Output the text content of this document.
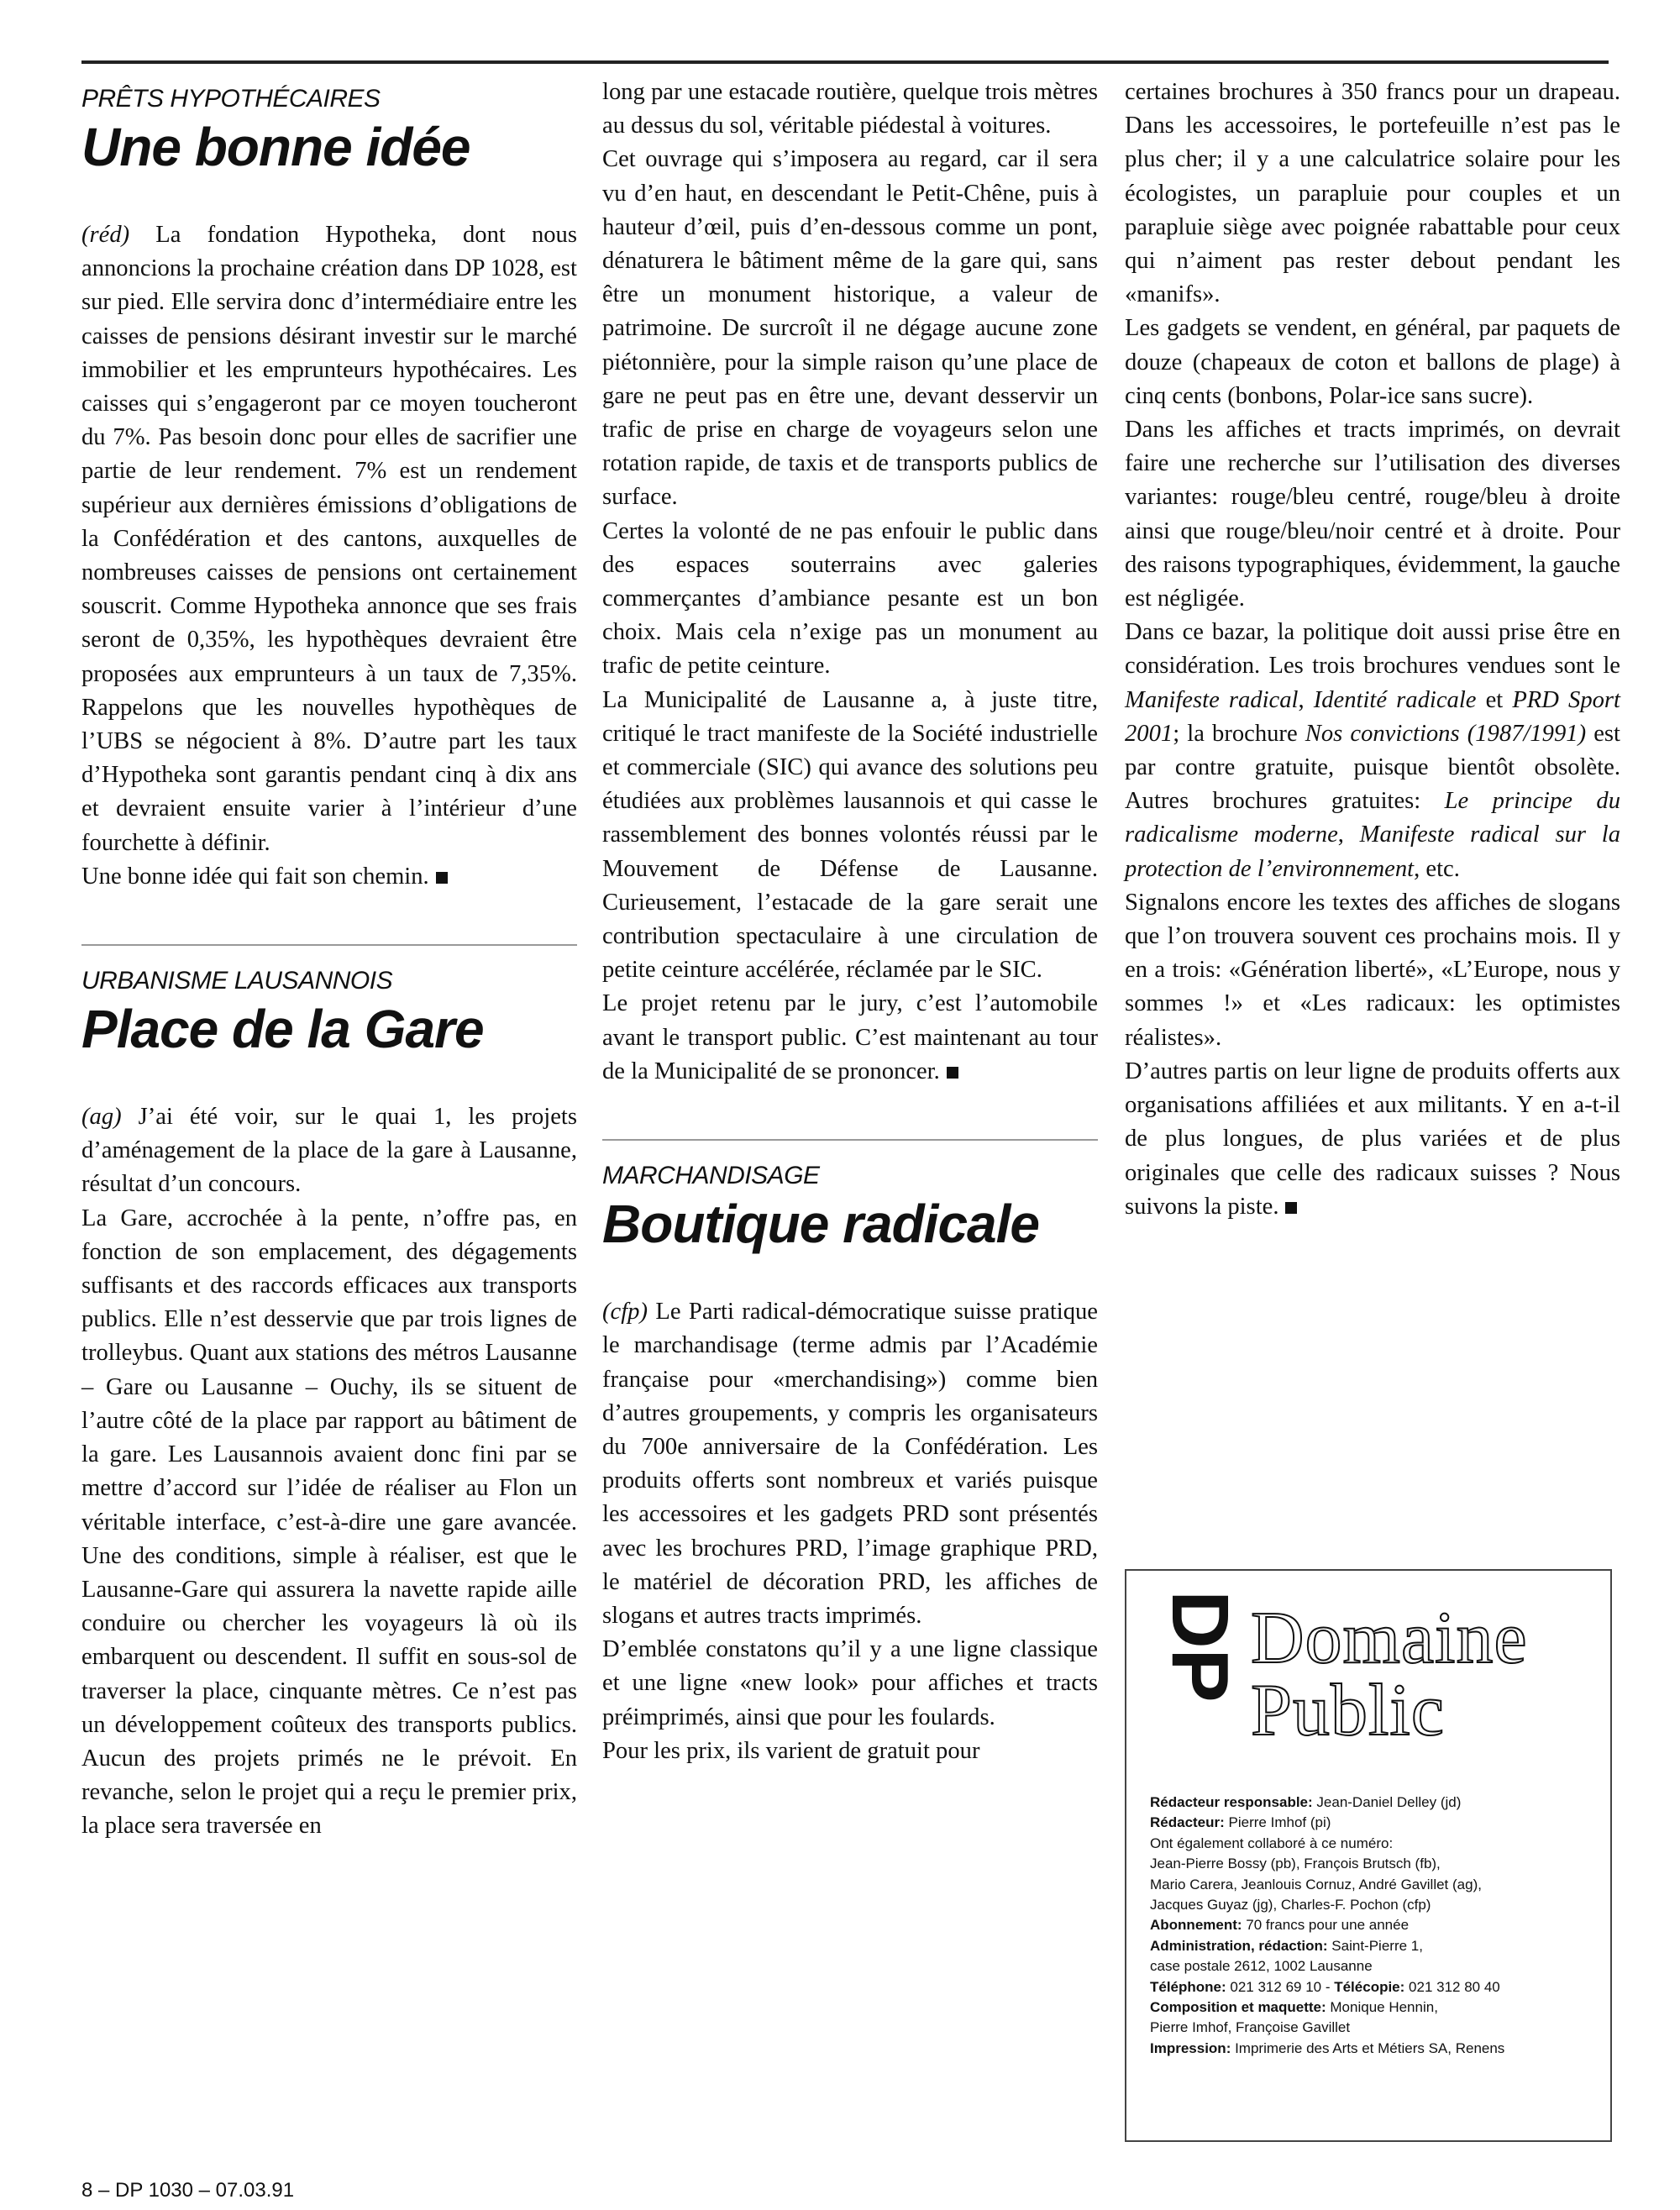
PRÊTS HYPOTHÉCAIRES
Une bonne idée

(réd) La fondation Hypotheka, dont nous annoncions la prochaine création dans DP 1028, est sur pied. Elle servira donc d’intermédiaire entre les caisses de pensions désirant investir sur le marché immobilier et les emprunteurs hypothécaires. Les caisses qui s’engageront par ce moyen toucheront du 7%. Pas besoin donc pour elles de sacrifier une partie de leur rendement. 7% est un rendement supérieur aux dernières émissions d’obligations de la Confédération et des cantons, auxquelles de nombreuses caisses de pensions ont certainement souscrit. Comme Hypotheka annonce que ses frais seront de 0,35%, les hypothèques devraient être proposées aux emprunteurs à un taux de 7,35%. Rappelons que les nouvelles hypothèques de l’UBS se négocient à 8%. D’autre part les taux d’Hypotheka sont garantis pendant cinq à dix ans et devraient ensuite varier à l’intérieur d’une fourchette à définir.

Une bonne idée qui fait son chemin.

URBANISME LAUSANNOIS
Place de la Gare

(ag) J’ai été voir, sur le quai 1, les projets d’aménagement de la place de la gare à Lausanne, résultat d’un concours.

La Gare, accrochée à la pente, n’offre pas, en fonction de son emplacement, des dégagements suffisants et des raccords efficaces aux transports publics. Elle n’est desservie que par trois lignes de trolleybus. Quant aux stations des métros Lausanne – Gare ou Lausanne – Ouchy, ils se situent de l’autre côté de la place par rapport au bâtiment de la gare. Les Lausannois avaient donc fini par se mettre d’accord sur l’idée de réaliser au Flon un véritable interface, c’est-à-dire une gare avancée. Une des conditions, simple à réaliser, est que le Lausanne-Gare qui assurera la navette rapide aille conduire ou chercher les voyageurs là où ils embarquent ou descendent. Il suffit en sous-sol de traverser la place, cinquante mètres. Ce n’est pas un développement coûteux des transports publics. Aucun des projets primés ne le prévoit. En revanche, selon le projet qui a reçu le premier prix, la place sera traversée en

long par une estacade routière, quelque trois mètres au dessus du sol, véritable piédestal à voitures.

Cet ouvrage qui s’imposera au regard, car il sera vu d’en haut, en descendant le Petit-Chêne, puis à hauteur d’œil, puis d’en-dessous comme un pont, dénaturera le bâtiment même de la gare qui, sans être un monument historique, a valeur de patrimoine. De surcroît il ne dégage aucune zone piétonnière, pour la simple raison qu’une place de gare ne peut pas en être une, devant desservir un trafic de prise en charge de voyageurs selon une rotation rapide, de taxis et de transports publics de surface.

Certes la volonté de ne pas enfouir le public dans des espaces souterrains avec galeries commerçantes d’ambiance pesante est un bon choix. Mais cela n’exige pas un monument au trafic de petite ceinture.

La Municipalité de Lausanne a, à juste titre, critiqué le tract manifeste de la Société industrielle et commerciale (SIC) qui avance des solutions peu étudiées aux problèmes lausannois et qui casse le rassemblement des bonnes volontés réussi par le Mouvement de Défense de Lausanne. Curieusement, l’estacade de la gare serait une contribution spectaculaire à une circulation de petite ceinture accélérée, réclamée par le SIC.

Le projet retenu par le jury, c’est l’automobile avant le transport public. C’est maintenant au tour de la Municipalité de se prononcer.

MARCHANDISAGE
Boutique radicale

(cfp) Le Parti radical-démocratique suisse pratique le marchandisage (terme admis par l’Académie française pour «merchandising») comme bien d’autres groupements, y compris les organisateurs du 700e anniversaire de la Confédération. Les produits offerts sont nombreux et variés puisque les accessoires et les gadgets PRD sont présentés avec les brochures PRD, l’image graphique PRD, le matériel de décoration PRD, les affiches de slogans et autres tracts imprimés.

D’emblée constatons qu’il y a une ligne classique et une ligne «new look» pour affiches et tracts préimprimés, ainsi que pour les foulards.

Pour les prix, ils varient de gratuit pour

certaines brochures à 350 francs pour un drapeau. Dans les accessoires, le portefeuille n’est pas le plus cher; il y a une calculatrice solaire pour les écologistes, un parapluie pour couples et un parapluie siège avec poignée rabattable pour ceux qui n’aiment pas rester debout pendant les «manifs».

Les gadgets se vendent, en général, par paquets de douze (chapeaux de coton et ballons de plage) à cinq cents (bonbons, Polar-ice sans sucre).

Dans les affiches et tracts imprimés, on devrait faire une recherche sur l’utilisation des diverses variantes: rouge/bleu centré, rouge/bleu à droite ainsi que rouge/bleu/noir centré et à droite. Pour des raisons typographiques, évidemment, la gauche est négligée.

Dans ce bazar, la politique doit aussi prise être en considération. Les trois brochures vendues sont le Manifeste radical, Identité radicale et PRD Sport 2001; la brochure Nos convictions (1987/1991) est par contre gratuite, puisque bientôt obsolète. Autres brochures gratuites: Le principe du radicalisme moderne, Manifeste radical sur la protection de l’environnement, etc.

Signalons encore les textes des affiches de slogans que l’on trouvera souvent ces prochains mois. Il y en a trois: «Génération liberté», «L’Europe, nous y sommes !» et «Les radicaux: les optimistes réalistes».

D’autres partis on leur ligne de produits offerts aux organisations affiliées et aux militants. Y en a-t-il de plus longues, de plus variées et de plus originales que celle des radicaux suisses ? Nous suivons la piste.

DP Domaine
Public
Rédacteur responsable: Jean-Daniel Delley (jd)
Rédacteur: Pierre Imhof (pi)
Ont également collaboré à ce numéro:
Jean-Pierre Bossy (pb), François Brutsch (fb),
Mario Carera, Jeanlouis Cornuz, André Gavillet (ag),
Jacques Guyaz (jg), Charles-F. Pochon (cfp)
Abonnement: 70 francs pour une année
Administration, rédaction: Saint-Pierre 1,
case postale 2612, 1002 Lausanne
Téléphone: 021 312 69 10 - Télécopie: 021 312 80 40
Composition et maquette: Monique Hennin,
Pierre Imhof, Françoise Gavillet
Impression: Imprimerie des Arts et Métiers SA, Renens
8 – DP 1030 – 07.03.91
